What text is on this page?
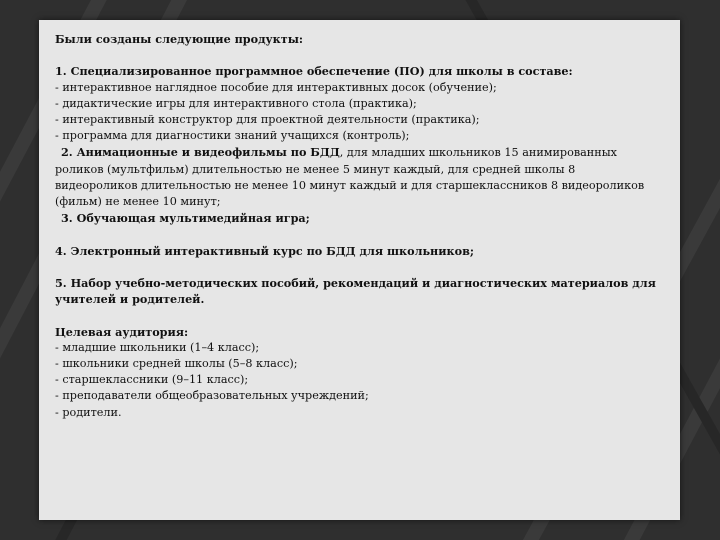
Были созданы следующие продукты:
1. Специализированное программное обеспечение (ПО) для школы в составе:
- интерактивное наглядное пособие для интерактивных досок (обучение);
- дидактические игры для интерактивного стола (практика);
- интерактивный конструктор для проектной деятельности (практика);
- программа для диагностики знаний учащихся (контроль);
2. Анимационные и видеофильмы по БДД, для младших школьников 15 анимированных
роликов (мультфильм) длительностью не менее 5 минут каждый, для средней школы 8
видеороликов длительностью не менее 10 минут каждый и для старшеклассников 8 видеороликов
(фильм) не менее 10 минут;
3. Обучающая мультимедийная игра;
4. Электронный интерактивный курс по БДД для школьников;
5. Набор учебно-методических пособий, рекомендаций и диагностических материалов для
учителей и родителей.
Целевая аудитория:
- младшие школьники (1–4 класс);
- школьники средней школы (5–8 класс);
- старшеклассники (9–11 класс);
- преподаватели общеобразовательных учреждений;
- родители.
